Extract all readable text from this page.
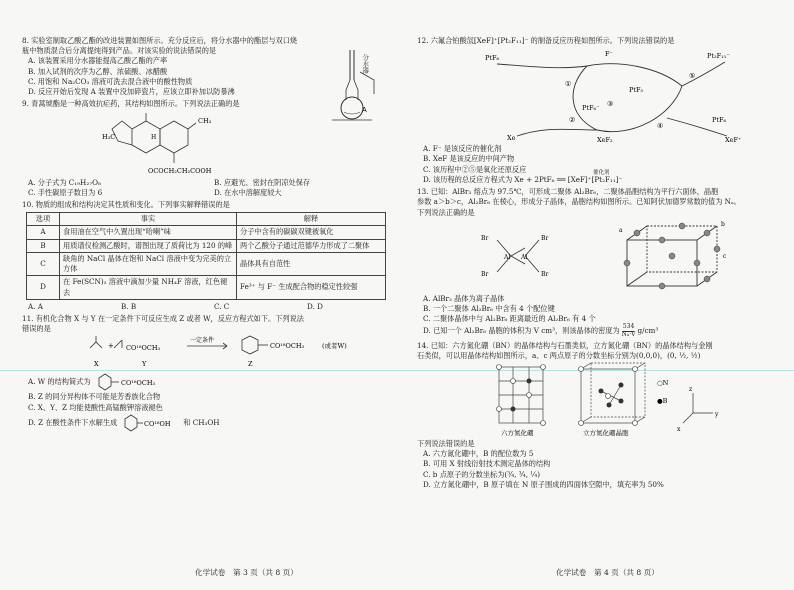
8. 实验室制取乙酸乙酯的改进装置如图所示。充分反应后，将分水器中的酯层与双口烧
瓶中物质混合后分离提纯得到产品。对该实验的说法错误的是
A. 该装置采用分水器能提高乙酸乙酯的产率
B. 加入试剂的次序为乙醇、浓硫酸、冰醋酸
C. 用饱和 Na₂CO₃ 溶液可洗去混合液中的酸性物质
D. 反应开始后发现 A 装置中没加碎瓷片，应该立即补加以防暴沸
A
分水器
9. 青蒿琥酯是一种高效抗疟药，其结构如图所示。下列说法正确的是
H₃C
CH₃
H
OCOCH₂CH₂COOH
A. 分子式为 C₁₉H₂₇O₈	B. 应避光、密封在阴凉处保存
C. 手性碳原子数目为 6	D. 在水中溶解度较大
10. 物质的组成和结构决定其性质和变化。下列事实解释错误的是
选项	事实	解释
A	食用油在空气中久置出现“哈喇”味	分子中含有的碳碳双键被氧化
B	用质谱仪检测乙酸时，谱图出现了质荷比为 120 的峰	两个乙酸分子通过范德华力形成了二聚体
C	缺角的 NaCl 晶体在饱和 NaCl 溶液中变为完美的立方体	晶体具有自范性
D	在 Fe(SCN)₃ 溶液中滴加少量 NH₄F 溶液，红色褪去	Fe³⁺ 与 F⁻ 生成配合物的稳定性较强
A. A	B. B	C. C	D. D
11. 有机化合物 X 与 Y 在一定条件下可反应生成 Z 或者 W，反应方程式如下。下列说法
错误的是
+ CO¹⁸OCH₃
一定条件
CO¹⁸OCH₃	(或者W)
X	Y	Z
A. W 的结构简式为	CO¹⁸OCH₃
B. Z 的同分异构体不可能是芳香族化合物
C. X、Y、Z 均能使酸性高锰酸钾溶液褪色
D. Z 在酸性条件下水解生成	CO¹⁸OH 和 CH₃OH
化学试卷　第 3 页（共 8 页）
12. 六氟合铂酸氙[XeF]⁺[Pt₂F₁₁]⁻ 的制备反应历程如图所示。下列说法错误的是
PtF₆	F⁻
PtF₅
Pt₂F₁₁⁻
Xe
PtF₆⁻
PtF₆
XeF⁺
XeF₂
①
②
③
④
⑤
A. F⁻ 是该反应的催化剂
B. XeF 是该反应的中间产物
C. 该历程中②⑤是氧化还原反应
D. 该历程的总反应方程式为 Xe + 2PtF₆ ══ [XeF]⁺[Pt₂F₁₁]⁻
催化剂
13. 已知：AlBr₃ 熔点为 97.5℃，可形成二聚体 Al₂Br₆，二聚体晶胞结构为平行六面体，晶胞
参数 a＞b＞c，Al₂Br₆ 在棱心，形成分子晶体，晶胞结构如图所示。已知阿伏加德罗常数的值为 Nₐ。
下列说法正确的是
Br
Br
Br
Br
Al Al
a
b
c
A. AlBr₃ 晶体为离子晶体
B. 一个二聚体 Al₂Br₆ 中含有 4 个配位键
C. 二聚体晶体中与 Al₂Br₆ 距离最近的 Al₂Br₆ 有 4 个
D. 已知一个 Al₂Br₆ 晶胞的体积为 V cm³，则该晶体的密度为 $\frac{534}{\text{Nₐ·V}} g/cm^3$
14. 已知：六方氮化硼（BN）的晶体结构与石墨类似，立方氮化硼（BN）的晶体结构与金刚
石类似，可以用晶体结构如图所示，a、c 两点原子的分数坐标分别为(0,0,0)，(0, ½, ½)
○N
●B
z
y
x
六方氮化硼	立方氮化硼晶胞
下列说法错误的是
A. 六方氮化硼中，B 的配位数为 5
B. 可用 X 射线衍射技术测定晶体的结构
C. b 点原子的分数坐标为(¾, ¾, ¼)
D. 立方氮化硼中，B 原子填在 N 原子围成的四面体空隙中，填充率为 50%
化学试卷　第 4 页（共 8 页）
